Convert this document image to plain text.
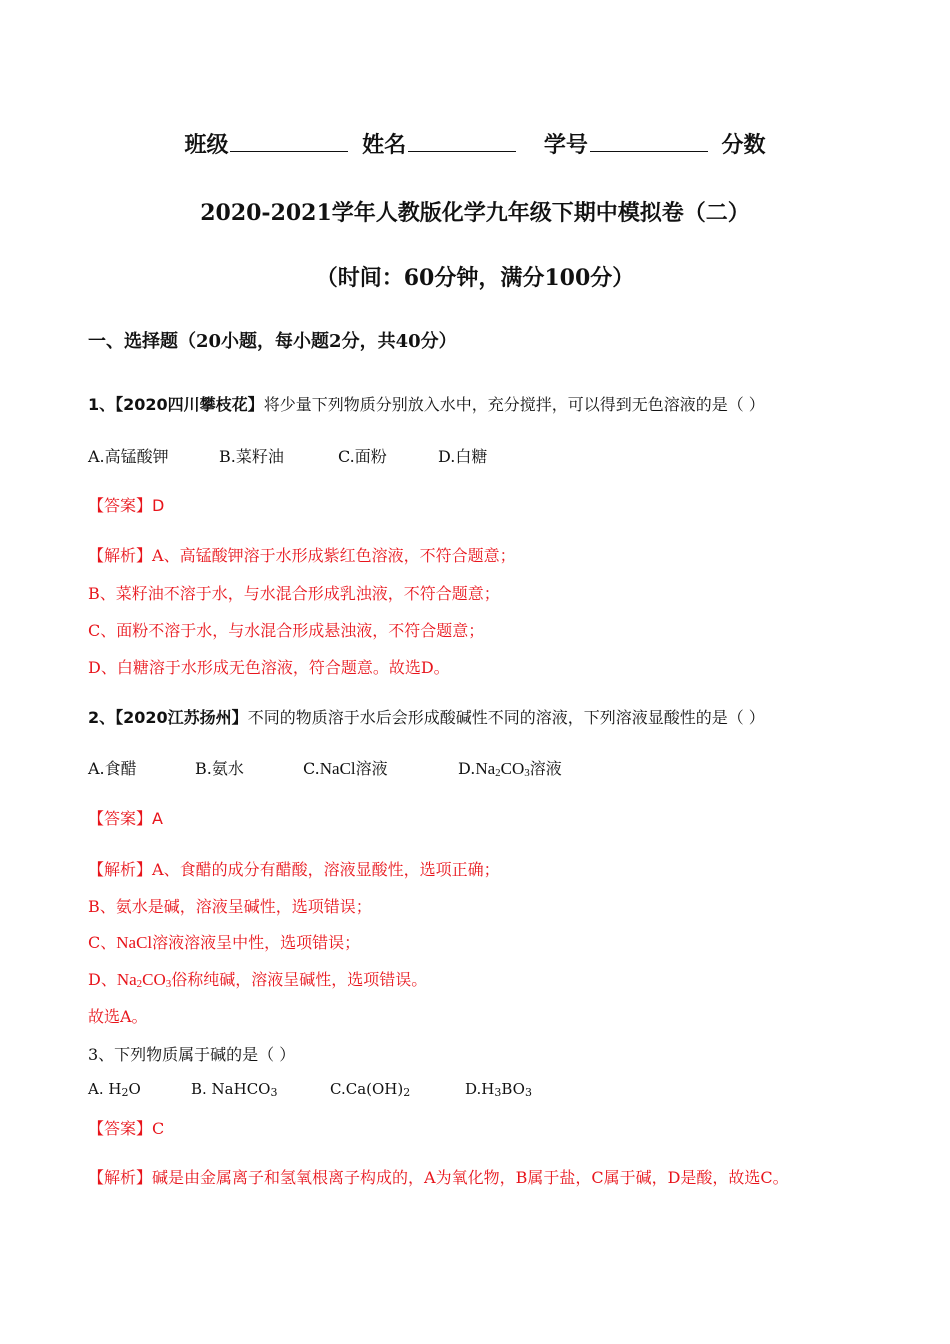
班级	姓名	学号	分数
2020-2021学年人教版化学九年级下期中模拟卷（二）
（时间：60分钟，满分100分）
一、选择题（20小题，每小题2分，共40分）
1、【2020四川攀枝花】将少量下列物质分别放入水中，充分搅拌，可以得到无色溶液的是（ ）
A.高锰酸钾	B.菜籽油	C.面粉	D.白糖
【答案】D
【解析】A、高锰酸钾溶于水形成紫红色溶液，不符合题意；
B、菜籽油不溶于水，与水混合形成乳浊液，不符合题意；
C、面粉不溶于水，与水混合形成悬浊液，不符合题意；
D、白糖溶于水形成无色溶液，符合题意。故选D。
2、【2020江苏扬州】不同的物质溶于水后会形成酸碱性不同的溶液，下列溶液显酸性的是（ ）
A.食醋	B.氨水	C.NaCl溶液	D.Na2CO3溶液
【答案】A
【解析】A、食醋的成分有醋酸，溶液显酸性，选项正确；
B、氨水是碱，溶液呈碱性，选项错误；
C、NaCl溶液溶液呈中性，选项错误；
D、Na2CO3俗称纯碱，溶液呈碱性，选项错误。
故选A。
3、下列物质属于碱的是（ ）
A. H2O	B. NaHCO3	C.Ca(OH)2	D.H3BO3
【答案】C
【解析】碱是由金属离子和氢氧根离子构成的，A为氧化物，B属于盐，C属于碱，D是酸，故选C。
